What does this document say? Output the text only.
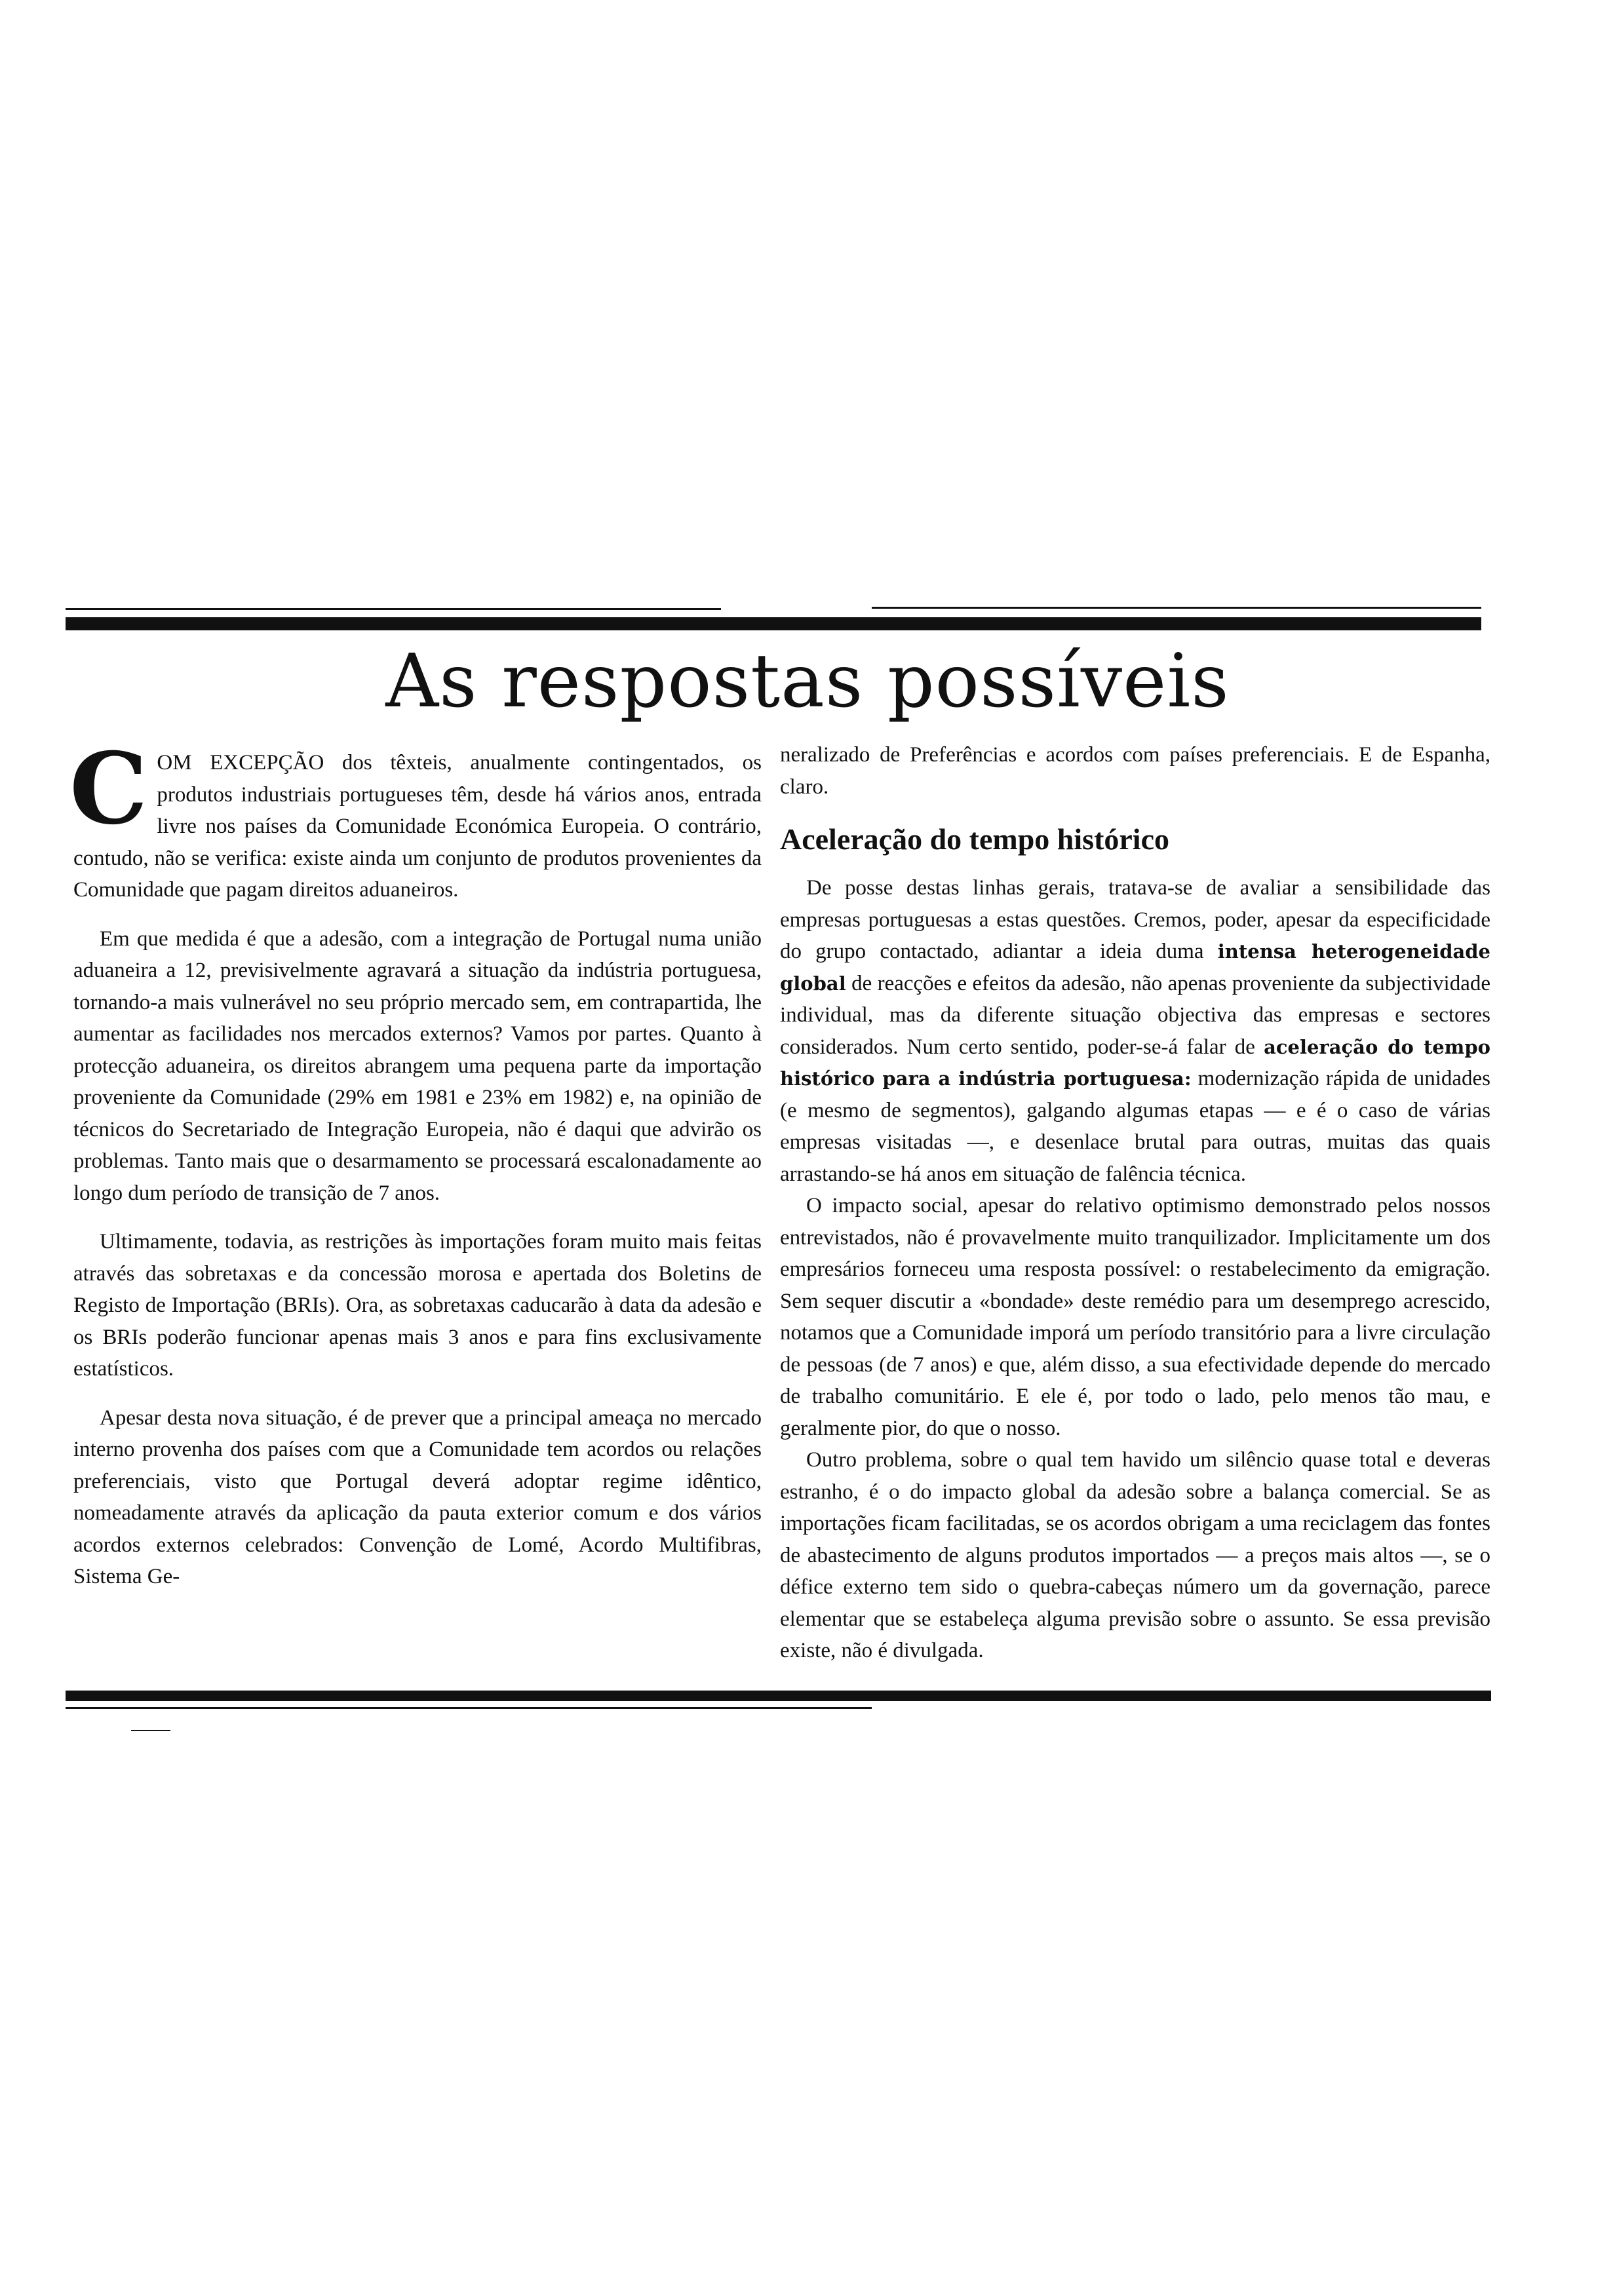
As respostas possíveis

COM EXCEPÇÃO dos têxteis, anualmente contingentados, os produtos industriais portugueses têm, desde há vários anos, entrada livre nos países da Comunidade Económica Europeia. O contrário, contudo, não se verifica: existe ainda um conjunto de produtos provenientes da Comunidade que pagam direitos aduaneiros.

Em que medida é que a adesão, com a integração de Portugal numa união aduaneira a 12, previsivelmente agravará a situação da indústria portuguesa, tornando-a mais vulnerável no seu próprio mercado sem, em contrapartida, lhe aumentar as facilidades nos mercados externos? Vamos por partes. Quanto à protecção aduaneira, os direitos abrangem uma pequena parte da importação proveniente da Comunidade (29% em 1981 e 23% em 1982) e, na opinião de técnicos do Secretariado de Integração Europeia, não é daqui que advirão os problemas. Tanto mais que o desarmamento se processará escalonadamente ao longo dum período de transição de 7 anos.

Ultimamente, todavia, as restrições às importações foram muito mais feitas através das sobretaxas e da concessão morosa e apertada dos Boletins de Registo de Importação (BRIs). Ora, as sobretaxas caducarão à data da adesão e os BRIs poderão funcionar apenas mais 3 anos e para fins exclusivamente estatísticos.

Apesar desta nova situação, é de prever que a principal ameaça no mercado interno provenha dos países com que a Comunidade tem acordos ou relações preferenciais, visto que Portugal deverá adoptar regime idêntico, nomeadamente através da aplicação da pauta exterior comum e dos vários acordos externos celebrados: Convenção de Lomé, Acordo Multifibras, Sistema Ge-

neralizado de Preferências e acordos com países preferenciais. E de Espanha, claro.

Aceleração do tempo histórico

De posse destas linhas gerais, tratava-se de avaliar a sensibilidade das empresas portuguesas a estas questões. Cremos, poder, apesar da especificidade do grupo contactado, adiantar a ideia duma intensa heterogeneidade global de reacções e efeitos da adesão, não apenas proveniente da subjectividade individual, mas da diferente situação objectiva das empresas e sectores considerados. Num certo sentido, poder-se-á falar de aceleração do tempo histórico para a indústria portuguesa: modernização rápida de unidades (e mesmo de segmentos), galgando algumas etapas — e é o caso de várias empresas visitadas —, e desenlace brutal para outras, muitas das quais arrastando-se há anos em situação de falência técnica.

O impacto social, apesar do relativo optimismo demonstrado pelos nossos entrevistados, não é provavelmente muito tranquilizador. Implicitamente um dos empresários forneceu uma resposta possível: o restabelecimento da emigração. Sem sequer discutir a «bondade» deste remédio para um desemprego acrescido, notamos que a Comunidade imporá um período transitório para a livre circulação de pessoas (de 7 anos) e que, além disso, a sua efectividade depende do mercado de trabalho comunitário. E ele é, por todo o lado, pelo menos tão mau, e geralmente pior, do que o nosso.

Outro problema, sobre o qual tem havido um silêncio quase total e deveras estranho, é o do impacto global da adesão sobre a balança comercial. Se as importações ficam facilitadas, se os acordos obrigam a uma reciclagem das fontes de abastecimento de alguns produtos importados — a preços mais altos —, se o défice externo tem sido o quebra-cabeças número um da governação, parece elementar que se estabeleça alguma previsão sobre o assunto. Se essa previsão existe, não é divulgada.
